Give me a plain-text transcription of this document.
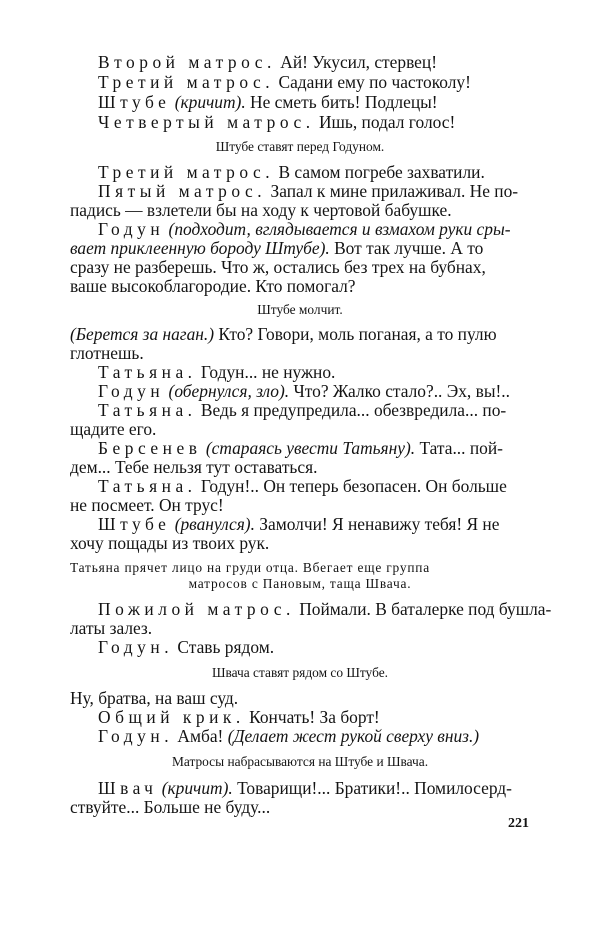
Второй матрос. Ай! Укусил, стервец!
Третий матрос. Садани ему по частоколу!
Штубе (кричит). Не сметь бить! Подлецы!
Четвертый матрос. Ишь, подал голос!
Штубе ставят перед Годуном.
Третий матрос. В самом погребе захватили.
Пятый матрос. Запал к мине прилаживал. Не по-
падись — взлетели бы на ходу к чертовой бабушке.
Годун (подходит, вглядывается и взмахом руки сры-
вает приклеенную бороду Штубе). Вот так лучше. А то
сразу не разберешь. Что ж, остались без трех на бубнах,
ваше высокоблагородие. Кто помогал?
Штубе молчит.
(Берется за наган.) Кто? Говори, моль поганая, а то пулю
глотнешь.
Татьяна. Годун... не нужно.
Годун (обернулся, зло). Что? Жалко стало?.. Эх, вы!..
Татьяна. Ведь я предупредила... обезвредила... по-
щадите его.
Берсенев (стараясь увести Татьяну). Тата... пой-
дем... Тебе нельзя тут оставаться.
Татьяна. Годун!.. Он теперь безопасен. Он больше
не посмеет. Он трус!
Штубе (рванулся). Замолчи! Я ненавижу тебя! Я не
хочу пощады из твоих рук.
Татьяна прячет лицо на груди отца. Вбегает еще группа
матросов с Пановым, таща Швача.
Пожилой матрос. Поймали. В баталерке под бушла-
латы залез.
Годун. Ставь рядом.
Швача ставят рядом со Штубе.
Ну, братва, на ваш суд.
Общий крик. Кончать! За борт!
Годун. Амба! (Делает жест рукой сверху вниз.)
Матросы набрасываются на Штубе и Швача.
Швач (кричит). Товарищи!... Братики!.. Помилосерд-
ствуйте... Больше не буду...
221
